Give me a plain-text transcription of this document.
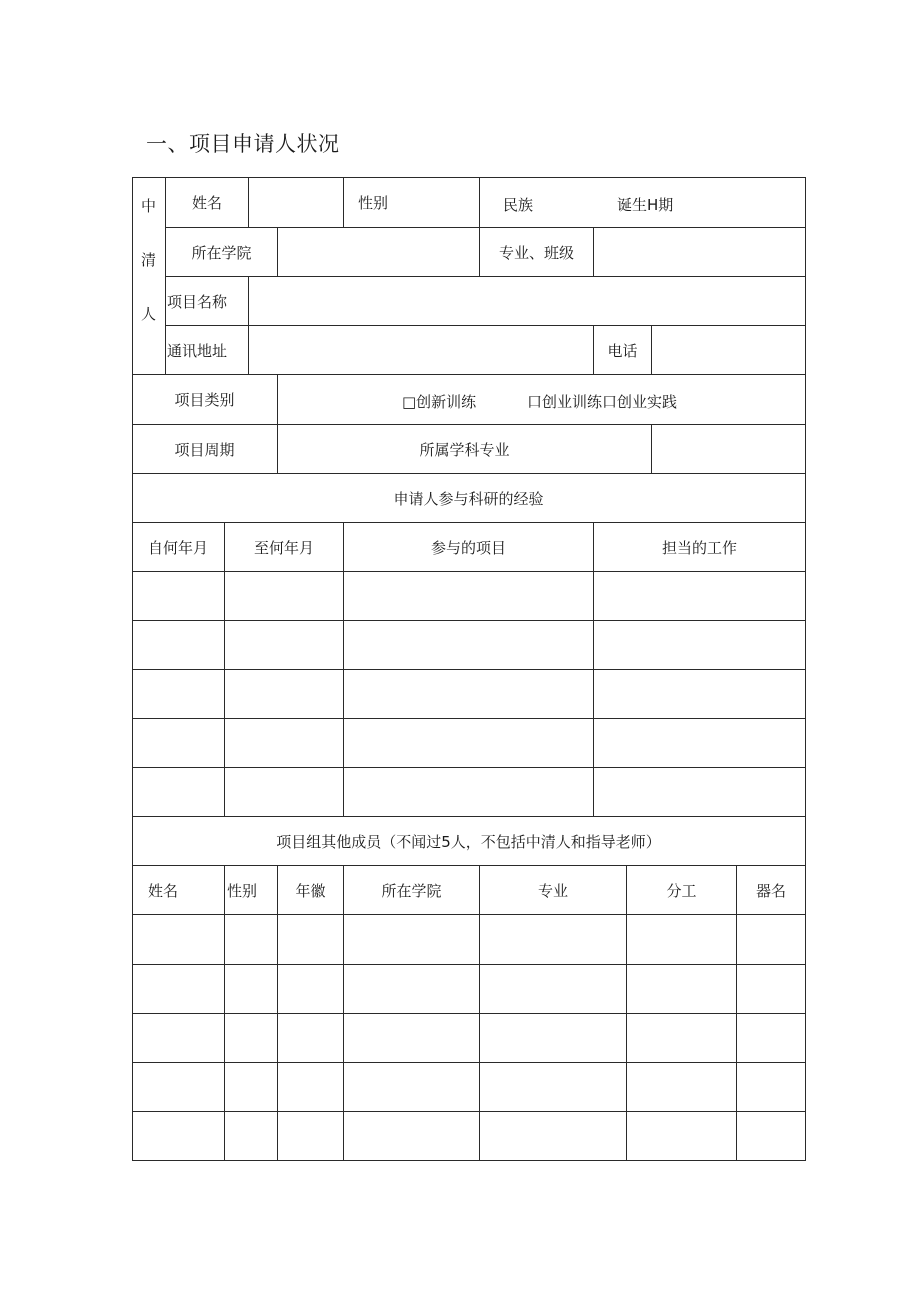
一、项目申请人状况
中
清
人
姓名	性别	民族	诞生H期
所在学院	专业、班级
项目名称
通讯地址	电话
项目类别	□创新训练	口创业训练口创业实践
项目周期	所属学科专业
申请人参与科研的经验
自何年月	至何年月	参与的项目	担当的工作
项目组其他成员（不闻过5人，不包括中清人和指导老师）
姓名	性别	年徽	所在学院	专业	分工	器名
